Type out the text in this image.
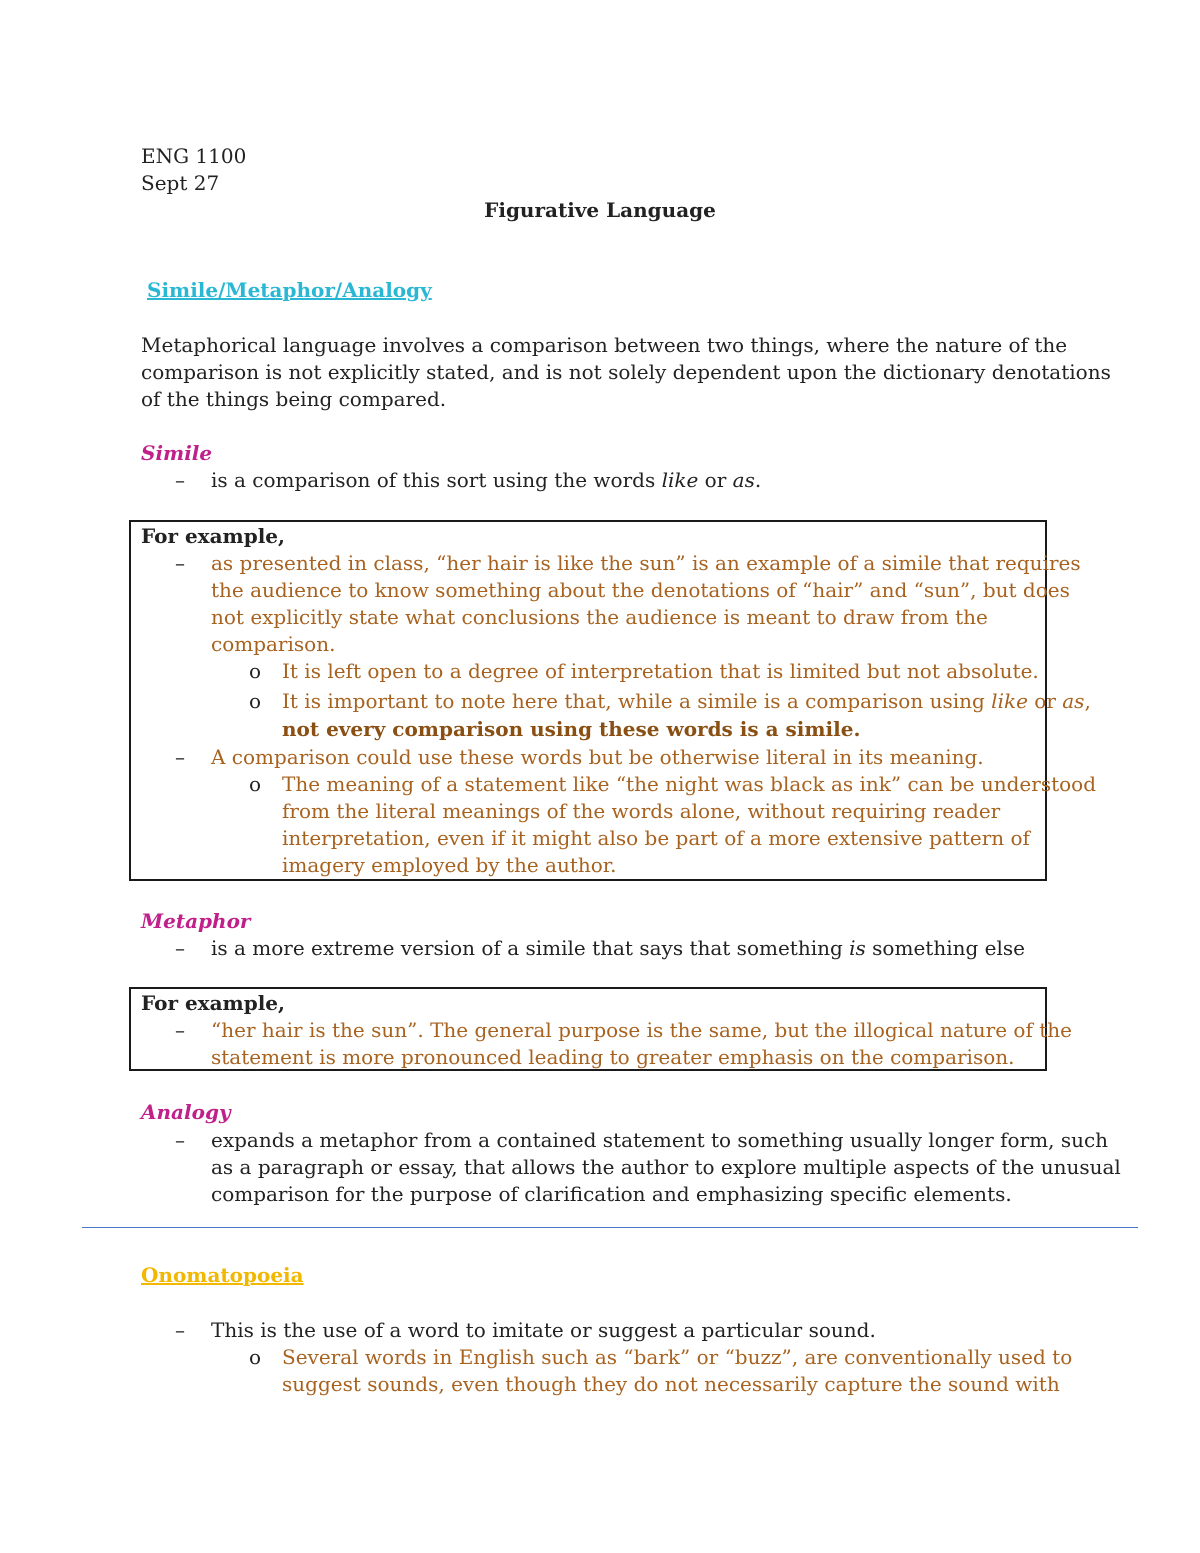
ENG 1100
Sept 27
Figurative Language
Simile/Metaphor/Analogy
Metaphorical language involves a comparison between two things, where the nature of the
comparison is not explicitly stated, and is not solely dependent upon the dictionary denotations
of the things being compared.
Simile
– is a comparison of this sort using the words like or as.
For example,
– as presented in class, “her hair is like the sun” is an example of a simile that requires
the audience to know something about the denotations of “hair” and “sun”, but does
not explicitly state what conclusions the audience is meant to draw from the
comparison.
o It is left open to a degree of interpretation that is limited but not absolute.
o It is important to note here that, while a simile is a comparison using like or as,
not every comparison using these words is a simile.
– A comparison could use these words but be otherwise literal in its meaning.
o The meaning of a statement like “the night was black as ink” can be understood
from the literal meanings of the words alone, without requiring reader
interpretation, even if it might also be part of a more extensive pattern of
imagery employed by the author.
Metaphor
– is a more extreme version of a simile that says that something is something else
For example,
– “her hair is the sun”. The general purpose is the same, but the illogical nature of the
statement is more pronounced leading to greater emphasis on the comparison.
Analogy
– expands a metaphor from a contained statement to something usually longer form, such
as a paragraph or essay, that allows the author to explore multiple aspects of the unusual
comparison for the purpose of clarification and emphasizing specific elements.
Onomatopoeia
– This is the use of a word to imitate or suggest a particular sound.
o Several words in English such as “bark” or “buzz”, are conventionally used to
suggest sounds, even though they do not necessarily capture the sound with
